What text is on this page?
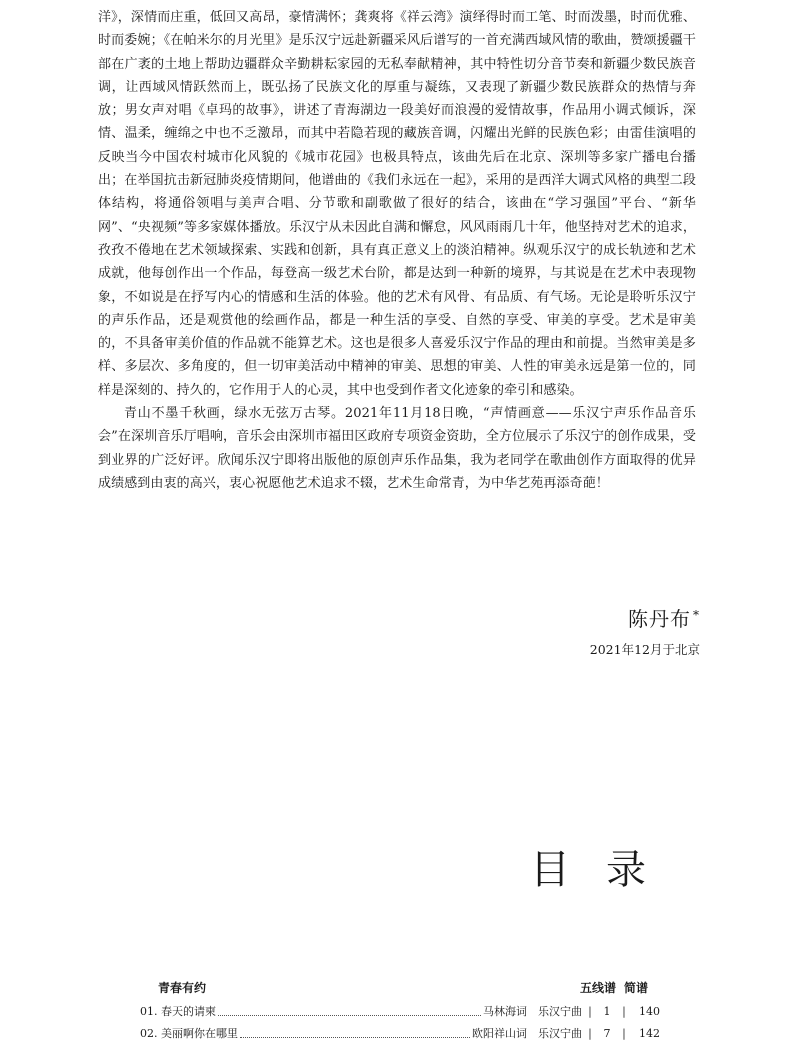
洋》，深情而庄重，低回又高昂，豪情满怀；龚爽将《祥云湾》演绎得时而工笔、时而泼墨，时而优雅、时而委婉；《在帕米尔的月光里》是乐汉宁远赴新疆采风后谱写的一首充满西域风情的歌曲，赞颂援疆干部在广袤的土地上帮助边疆群众辛勤耕耘家园的无私奉献精神，其中特性切分音节奏和新疆少数民族音调，让西域风情跃然而上，既弘扬了民族文化的厚重与凝练，又表现了新疆少数民族群众的热情与奔放；男女声对唱《卓玛的故事》，讲述了青海湖边一段美好而浪漫的爱情故事，作品用小调式倾诉，深情、温柔，缠绵之中也不乏激昂，而其中若隐若现的藏族音调，闪耀出光鲜的民族色彩；由雷佳演唱的反映当今中国农村城市化风貌的《城市花园》也极具特点，该曲先后在北京、深圳等多家广播电台播出；在举国抗击新冠肺炎疫情期间，他谱曲的《我们永远在一起》，采用的是西洋大调式风格的典型二段体结构，将通俗领唱与美声合唱、分节歌和副歌做了很好的结合，该曲在“学习强国”平台、“新华网”、“央视频”等多家媒体播放。乐汉宁从未因此自满和懈怠，风风雨雨几十年，他坚持对艺术的追求，孜孜不倦地在艺术领域探索、实践和创新，具有真正意义上的淡泊精神。纵观乐汉宁的成长轨迹和艺术成就，他每创作出一个作品，每登高一级艺术台阶，都是达到一种新的境界，与其说是在艺术中表现物象，不如说是在抒写内心的情感和生活的体验。他的艺术有风骨、有品质、有气场。无论是聆听乐汉宁的声乐作品，还是观赏他的绘画作品，都是一种生活的享受、自然的享受、审美的享受。艺术是审美的，不具备审美价值的作品就不能算艺术。这也是很多人喜爱乐汉宁作品的理由和前提。当然审美是多样、多层次、多角度的，但一切审美活动中精神的审美、思想的审美、人性的审美永远是第一位的，同样是深刻的、持久的，它作用于人的心灵，其中也受到作者文化迹象的牵引和感染。

青山不墨千秋画，绿水无弦万古琴。2021年11月18日晚，“声情画意——乐汉宁声乐作品音乐会”在深圳音乐厅唱响，音乐会由深圳市福田区政府专项资金资助，全方位展示了乐汉宁的创作成果，受到业界的广泛好评。欣闻乐汉宁即将出版他的原创声乐作品集，我为老同学在歌曲创作方面取得的优异成绩感到由衷的高兴，衷心祝愿他艺术追求不辍，艺术生命常青，为中华艺苑再添奇葩！

陈丹布 *
2021年12月于北京
目录
青春有约	五线谱 简谱
01. 春天的请柬	马林海词　乐汉宁曲 |	1	|	140
02. 美丽啊你在哪里	欧阳祥山词　乐汉宁曲 |	7	|	142
